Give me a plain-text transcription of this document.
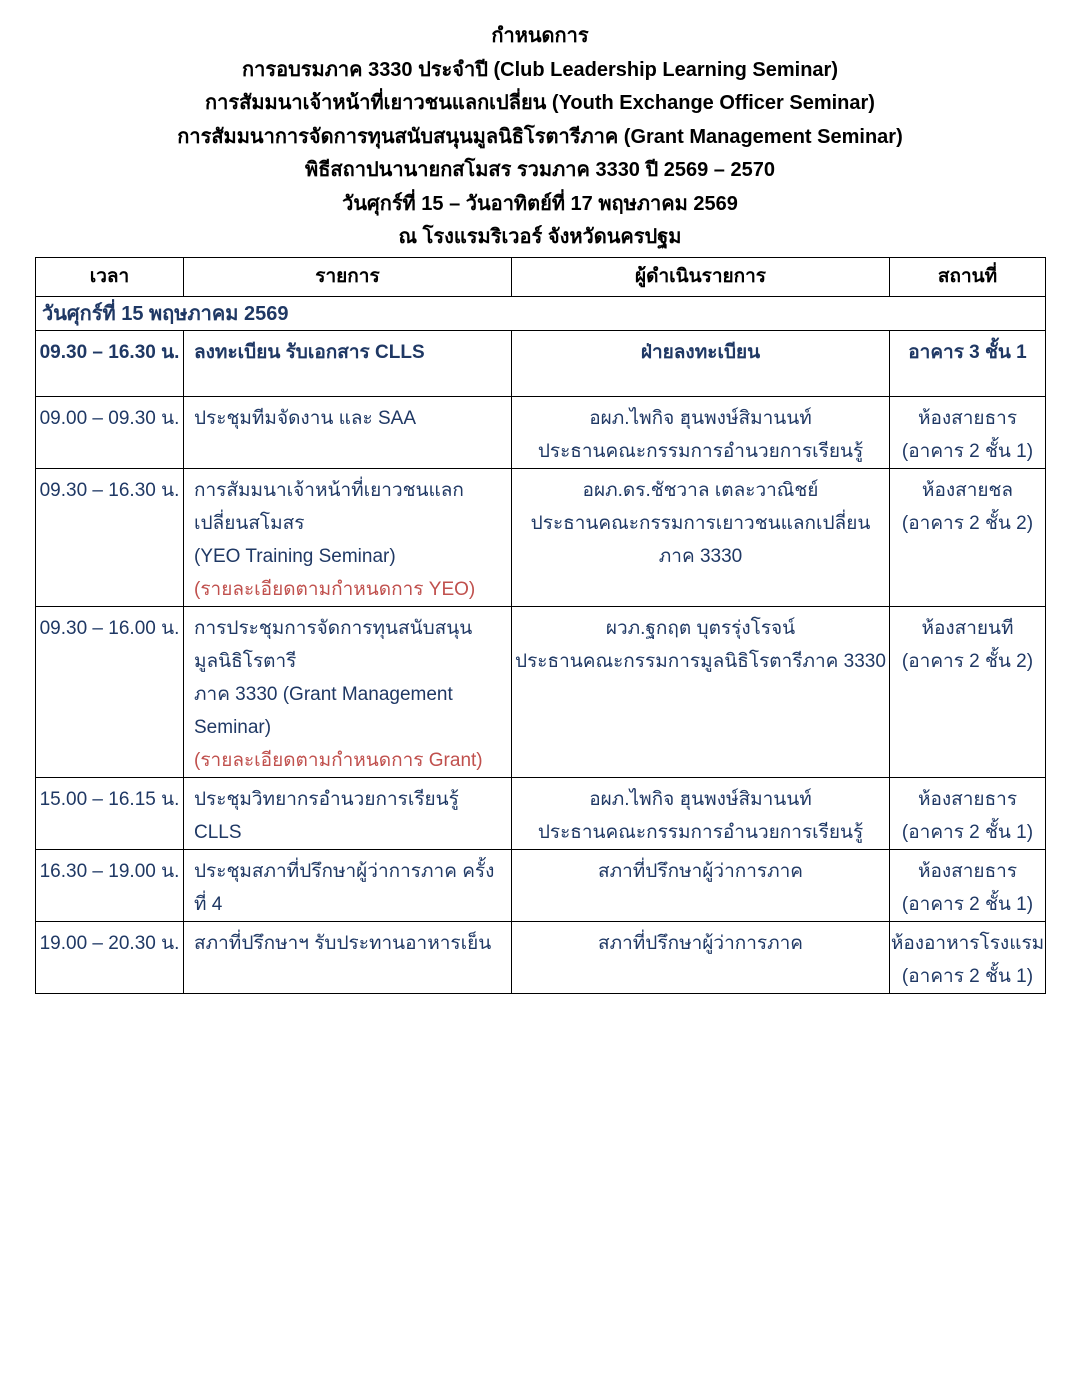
กำหนดการ
การอบรมภาค 3330 ประจำปี (Club Leadership Learning Seminar)
การสัมมนาเจ้าหน้าที่เยาวชนแลกเปลี่ยน (Youth Exchange Officer Seminar)
การสัมมนาการจัดการทุนสนับสนุนมูลนิธิโรตารีภาค (Grant Management Seminar)
พิธีสถาปนานายกสโมสร รวมภาค 3330 ปี 2569 – 2570
วันศุกร์ที่ 15 – วันอาทิตย์ที่ 17 พฤษภาคม 2569
ณ โรงแรมริเวอร์ จังหวัดนครปฐม
เวลา	รายการ	ผู้ดำเนินรายการ	สถานที่
วันศุกร์ที่ 15 พฤษภาคม 2569			
09.30 – 16.30 น.	ลงทะเบียน รับเอกสาร CLLS	ฝ่ายลงทะเบียน	อาคาร 3 ชั้น 1

09.00 – 09.30 น.	ประชุมทีมจัดงาน และ SAA	อผภ.ไพกิจ ฮุนพงษ์สิมานนท์
ประธานคณะกรรมการอำนวยการเรียนรู้	ห้องสายธาร
(อาคาร 2 ชั้น 1)

09.30 – 16.30 น.	การสัมมนาเจ้าหน้าที่เยาวชนแลกเปลี่ยนสโมสร
(YEO Training Seminar)
(รายละเอียดตามกำหนดการ YEO)	อผภ.ดร.ชัชวาล เตละวาณิชย์
ประธานคณะกรรมการเยาวชนแลกเปลี่ยน ภาค 3330	ห้องสายชล
(อาคาร 2 ชั้น 2)

09.30 – 16.00 น.	การประชุมการจัดการทุนสนับสนุนมูลนิธิโรตารี
ภาค 3330 (Grant Management Seminar)
(รายละเอียดตามกำหนดการ Grant)	ผวภ.ฐกฤต บุตรรุ่งโรจน์
ประธานคณะกรรมการมูลนิธิโรตารีภาค 3330	ห้องสายนที
(อาคาร 2 ชั้น 2)

15.00 – 16.15 น.	ประชุมวิทยากรอำนวยการเรียนรู้ CLLS	อผภ.ไพกิจ ฮุนพงษ์สิมานนท์
ประธานคณะกรรมการอำนวยการเรียนรู้	ห้องสายธาร
(อาคาร 2 ชั้น 1)

16.30 – 19.00 น.	ประชุมสภาที่ปรึกษาผู้ว่าการภาค ครั้งที่ 4	สภาที่ปรึกษาผู้ว่าการภาค	ห้องสายธาร
(อาคาร 2 ชั้น 1)

19.00 – 20.30 น.	สภาที่ปรึกษาฯ รับประทานอาหารเย็น	สภาที่ปรึกษาผู้ว่าการภาค	ห้องอาหารโรงแรม
(อาคาร 2 ชั้น 1)
